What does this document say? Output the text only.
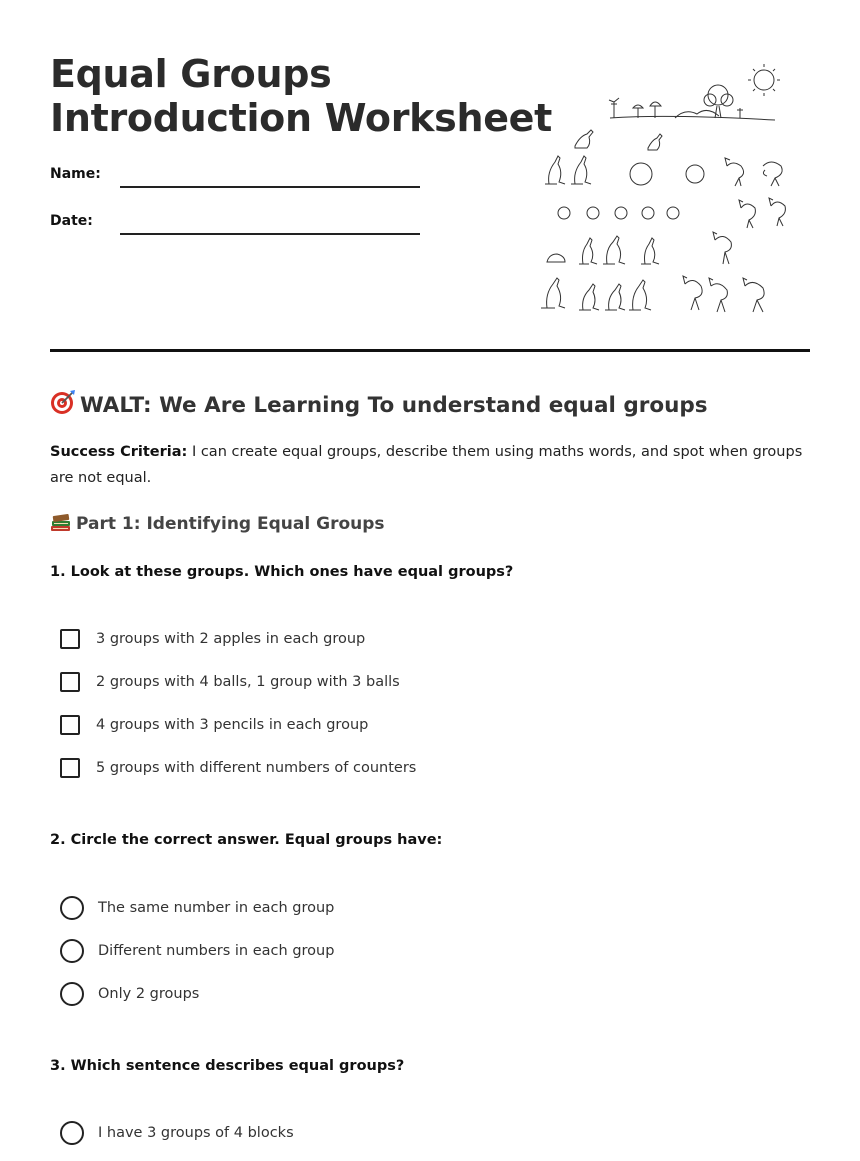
Equal Groups
Introduction Worksheet
Name:
Date:
WALT: We Are Learning To understand equal groups

Success Criteria: I can create equal groups, describe them using maths words, and spot when groups are not equal.

Part 1: Identifying Equal Groups

1. Look at these groups. Which ones have equal groups?

3 groups with 2 apples in each group
2 groups with 4 balls, 1 group with 3 balls
4 groups with 3 pencils in each group
5 groups with different numbers of counters

2. Circle the correct answer. Equal groups have:

The same number in each group
Different numbers in each group
Only 2 groups

3. Which sentence describes equal groups?

I have 3 groups of 4 blocks
